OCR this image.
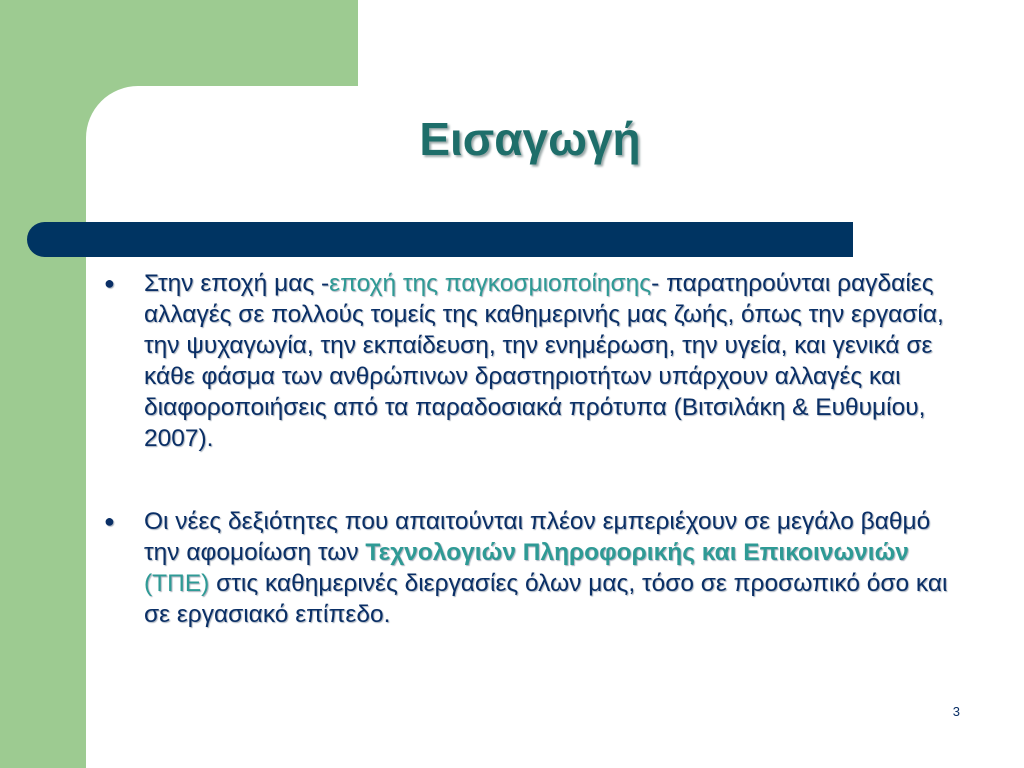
Εισαγωγή
●	Στην εποχή μας -εποχή της παγκοσμιοποίησης- παρατηρούνται ραγδαίες αλλαγές σε πολλούς τομείς της καθημερινής μας ζωής, όπως την εργασία, την ψυχαγωγία, την εκπαίδευση, την ενημέρωση, την υγεία, και γενικά σε κάθε φάσμα των ανθρώπινων δραστηριοτήτων υπάρχουν αλλαγές και διαφοροποιήσεις από τα παραδοσιακά πρότυπα (Βιτσιλάκη & Ευθυμίου, 2007).
●	Οι νέες δεξιότητες που απαιτούνται πλέον εμπεριέχουν σε μεγάλο βαθμό την αφομοίωση των Τεχνολογιών Πληροφορικής και Επικοινωνιών (ΤΠΕ) στις καθημερινές διεργασίες όλων μας, τόσο σε προσωπικό όσο και σε εργασιακό επίπεδο.
3
